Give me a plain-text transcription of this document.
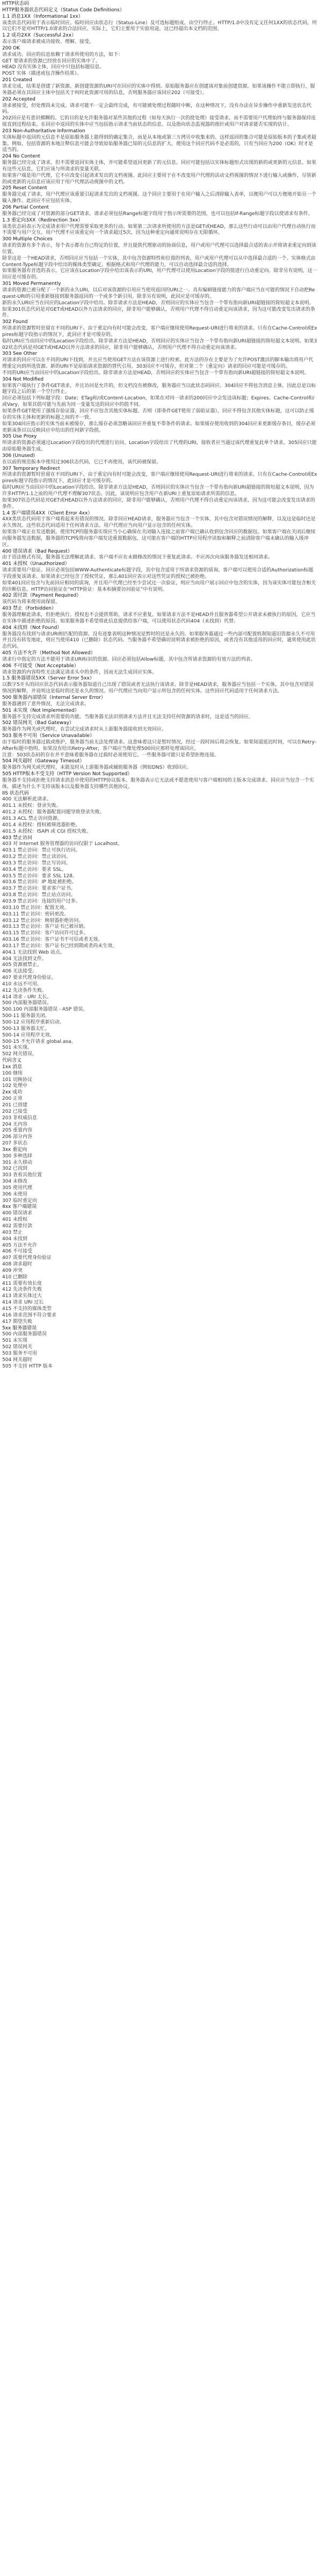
HTTP状态码
HTTP服务器状态代码定义（Status Code Definitions）
1.1 消息1XX（Informational 1xx）
该类状态代码用于表示临时回应。临时回应由状态行（Status-Line）及可选标题组成，由空行终止。HTTP/1.0中没有定义任何1XX的状态代码，所以它们不是对HTTP/1.0请求的合法回应。实际上，它们主要用于实验用途，这已经超出本文档的范围。
1.2 成功2XX（Successful 2xx）
表示客户端请求被成功接收、理解、接受。
200 OK
请求成功。回应的信息依赖于请求所使用的方法，如下：
GET 要请求的资源已经放在回应的实体中了。
HEAD 没有实体主体，回应中只包括标题信息。
POST 实体（描述或包含操作结果）。
201 Created
请求完成，结果是创建了新资源。新创建资源的URI可在回应的实体中得到。原始服务器应在创建该对象前创建资源。如果该操作不能立即执行，服务器必须在其回应主体中包括关于何时此资源可用的信息，否则服务器应该回应202（可接受）。
202 Accepted
请求被接受，但处理尚未完成。请求可能不一定会最终完成，有可能被处理过程随时中断，在这种情况下，没有办法在异步操作中重新发送状态代码。
202回应是有意识模糊的。它的目的是允许服务器对某些其他的过程（如每天执行一次的批处理）接受请求，而不需要用户代理始终与服务器保持连接直到过程结束。在回应中返回的实体中应当包括指示请求当前状态的信息、以及指向状态监视器的指针或用户对请求能否实现的估计。
203 Non-Authoritative Information
实体标题中返回的元信息不是原始服务器上能得到的确定集合，而是从本地或第三方拷贝中收集来的。这样返回的集合可能是原始版本的子集或者超集。例如，包括资源的本地注释信息可能会导致原始服务器已知的元信息的扩大。使用这个回应代码不是必需的，只有当回应为200（OK）时才是适当的。
204 No Content
服务器已经完成了请求，但不需要返回实体主体，并可能希望返回更新了的元信息。回应可能包括以实体标题形式出现的新的或更新的元信息。如果有这些元信息，它们应该与所请求的变量关联。
如果客户端是用户代理，它不应改变引起请求发出的文档视图。此回应主要用于在不改变用户代理的活动文档视图的情况下进行输入或操作，尽管新的或更新的元信息应该应用于用户代理活动视图中的文档。
205 Reset Content
服务器完成了请求，用户代理应该重置引起请求发出的文档视图。这个回应主要用于在用户输入之后清除输入表单，以便用户可以方便地开始另一个输入操作。此回应不应包括实体。
206 Partial Content
服务器已经完成了对资源的部分GET请求。请求必须包括Range标题字段用于指示所需要的范围，也可以包括If-Range标题字段以使请求有条件。
1.3 重定向3XX（Redirection 3xx）
该类状态码表示为完成请求用户代理需要采取更多的行动。如果第二次请求所使用的方法是GET或HEAD，那么这些行动可以由用户代理自动执行而不需要与用户交互。用户代理不应该重定向一个请求超过5次，因为这种重定向通常说明存在无限循环。
300 Multiple Choices
请求的资源有多个表示，每个表示都有自己特定的位置，并且提供代理驱动的协商信息，用户或用户代理可以选择最合适的表示并将请求重定向到该位置。
除非这是一个HEAD请求，否则回应应当包括一个实体，其中包含资源特性和位置的列表，用户或用户代理可以从中选择最合适的一个。实体格式由Content-Type标题字段中给出的媒体类型确定。根据格式和用户代理的能力，可以自动选择最合适的选择。
如果服务器有首选的表示，它应该在Location字段中给出该表示的URI，用户代理可以使用Location字段的值进行自动重定向。除非另有说明，这一回应是可缓存的。
301 Moved Permanently
请求的资源已被分配了一个新的永久URI，以后对该资源的引用应当使用返回的URI之一。具有编辑链接能力的客户端应当在可能的情况下自动把Request-URI的引用重新链接到服务器返回的一个或多个新引用。除非另有说明，此回应是可缓存的。
新的永久URI应当在回应的Location字段中给出。除非请求方法是HEAD，否则回应的实体应当包含一个带有指向新URI超链接的简短超文本说明。
如果301状态代码是对GET或HEAD以外方法请求的回应，除非用户能够确认，否则用户代理不得自动重定向该请求，因为这可能改变发出请求的条件。
302 Found
所请求的资源暂时驻留在不同的URI下。由于重定向有时可能会改变，客户端应继续使用Request-URI进行将来的请求。只有在Cache-Control或Expires标题字段指示的情况下，此回应才是可缓存的。
临时URI应当由回应中的Location字段给出。除非请求方法是HEAD，否则回应的实体应当包含一个带有指向新URI超链接的简短超文本说明。如果302状态代码是对GET或HEAD以外方法请求的回应，除非用户能够确认，否则用户代理不得自动重定向该请求。
303 See Other
对请求的回应可以在不同的URI下找到，并且应当使用GET方法在该资源上进行检索。此方法的存在主要是为了允许POST激活的脚本输出将用户代理重定向到所选资源。新的URI不是原始请求资源的替代引用。303回应不可缓存，但对第二个（重定向）请求的回应可能是可缓存的。
不同的URI应当由回应中的Location字段给出。除非请求方法是HEAD，否则回应的实体应当包含一个带有指向新URI超链接的简短超文本说明。
304 Not Modified
如果客户端执行了条件GET请求，并且访问是允许的，但文档没有被修改，服务器应当以此状态码回应。304回应不得包含消息主体，因此总是以标题字段之后的第一个空行终止。
回应必须包括下列标题字段：Date；ETag和/或Content-Location，如果在对同一请求的200回应中会发送该标题；Expires、Cache-Control和/或Vary，如果其值可能与先前为同一变量发送的回应中的值不同。
如果条件GET使用了强缓存验证器，回应不应包含其他实体标题。否则（即条件GET使用了弱验证器），回应不得包含其他实体标题，这可以防止缓存的实体主体和更新的标题之间的不一致。
如果304回应指示的实体当前未被缓存，那么缓存必须忽略该回应并重复不带条件的请求。如果缓存使用收到的304回应来更新缓存条目，缓存必须更新该条目以反映回应中给出的任何新字段值。
305 Use Proxy
所请求的资源必须通过Location字段给出的代理进行访问。Location字段给出了代理的URI，接收者应当通过该代理重复此单个请求。305回应只能由原始服务器生成。
306 (Unused)
在以前的规范版本中使用过306状态代码，它已不再使用，该代码被保留。
307 Temporary Redirect
所请求的资源暂时驻留在不同的URI下。由于重定向有时可能会改变，客户端应继续使用Request-URI进行将来的请求。只有在Cache-Control或Expires标题字段指示的情况下，此回应才是可缓存的。
临时URI应当由回应中的Location字段给出。除非请求方法是HEAD，否则回应的实体应当包含一个带有指向新URI超链接的简短超文本说明，因为许多HTTP/1.1之前的用户代理不理解307状态。因此，该说明应包含用户在新URI上重复原始请求所需的信息。
如果307状态代码是对GET或HEAD以外方法请求的回应，除非用户能够确认，否则用户代理不得自动重定向该请求，因为这可能会改变发出请求的条件。
1.4 客户端错误4XX（Client Error 4xx）
4XX类状态代码用于客户端看起来有错误的情况。除非回应HEAD请求，服务器应当包含一个实体，其中包含对错误情况的解释，以及这是临时还是永久情况。这些状态代码适用于任何请求方法。用户代理应当向用户显示包含的任何实体。
如果客户端正在发送数据，使用TCP的服务器实现应当小心确保在关闭输入连接之前客户端已确认收到包含回应的数据包。如果客户端在关闭后继续向服务器发送数据，服务器的TCP栈将向客户端发送重置数据包，这可能在客户端的HTTP应用程序读取和解释之前清除客户端未确认的输入缓冲区。
400 错误请求（Bad Request）
由于语法格式有误，服务器无法理解此请求。客户端不应在未做修改的情况下重复此请求。不应再次向该服务器发送相同请求。
401 未授权（Unauthorized）
请求需要用户验证。回应必须包括WWW-Authenticate标题字段，其中包含适用于所请求资源的质询。客户端可以使用合适的Authorization标题字段重复该请求。如果请求已经包含了授权凭证，那么401回应表示对这些凭证的授权已被拒绝。
如果401回应包含与先前回应相同的质询，并且用户代理已经至少尝试过一次验证，则应当向用户展示回应中包含的实体，因为该实体可能包含相关的诊断信息。HTTP访问验证在“HTTP验证：基本和摘要访问验证”中有说明。
402 需付款（Payment Required）
该代码为将来使用而保留。
403 禁止（Forbidden）
服务器理解此请求，但拒绝执行。授权也不会提供帮助，请求不应重复。如果请求方法不是HEAD并且服务器希望公开请求未被执行的原因，它应当在实体中描述拒绝的原因。如果服务器不希望将此信息提供给客户端，可以使用状态代码404（未找到）代替。
404 未找到（Not Found）
服务器没有找到与请求URI相匹配的资源。没有迹象表明这种情况是暂时的还是永久的。如果服务器通过一些内部可配置机制知道旧资源永久不可用并且没有转发地址，则应当使用410（已删除）状态代码。当服务器不希望确切说明请求被拒绝的原因，或者没有其他适用的回应时，通常使用此状态代码。
405 方法不允许（Method Not Allowed）
请求行中指定的方法不能用于请求URI标识的资源。回应必须包括Allow标题，其中包含所请求资源的有效方法的列表。
406 不可接受（Not Acceptable）
请求资源的内容特性无法满足请求头中的条件，因而无法生成回应实体。
1.5 服务器错误5XX（Server Error 5xx）
以数字5开头的回应状态代码表示服务器知道自己出现了错误或者无法执行该请求。除非是HEAD请求，服务器应当包括一个实体，其中包含对错误情况的解释，并说明这是临时的还是永久的情况。用户代理应当向用户显示所包含的任何实体。这些回应代码适用于任何请求方法。
500 服务器内部错误（Internal Server Error）
服务器遇到了意外情况，无法完成请求。
501 未实现（Not Implemented）
服务器不支持完成请求所需要的功能。当服务器无法识别请求方法并且无法支持任何资源的请求时，这是适当的回应。
502 错误网关（Bad Gateway）
服务器作为网关或代理时，在尝试完成请求时从上游服务器接收到无效回应。
503 服务不可用（Service Unavailable）
由于临时的服务器过载或维护，服务器当前无法处理请求。这意味着这只是暂时情况，经过一段时间后将会恢复。如果知道延迟时间，可以在Retry-After标题中指明。如果没有给出Retry-After，客户端应当像处理500回应那样处理该回应。
注意：503状态码的存在并不意味着服务器在过载时必须使用它。一些服务器可能只是希望拒绝连接。
504 网关超时（Gateway Timeout）
服务器作为网关或代理时，未能及时从上游服务器或辅助服务器（例如DNS）收到回应。
505 HTTP版本不受支持（HTTP Version Not Supported）
服务器不支持或拒绝支持请求消息中使用的HTTP协议版本。服务器表示它无法或不愿意使用与客户端相同的主版本完成请求。回应应当包含一个实体，描述为什么不支持该版本以及服务器支持哪些其他协议。
IIS 状态代码
400 无法解析此请求。
401.1 未授权：登录失败。
401.2 未授权：服务器配置问题导致登录失败。
401.3 ACL 禁止访问资源。
401.4 未授权：授权被筛选器拒绝。
401.5 未授权：ISAPI 或 CGI 授权失败。
403 禁止访问
403 对 Internet 服务管理器的访问仅限于 Localhost。
403.1 禁止访问：禁止可执行访问。
403.2 禁止访问：禁止读访问。
403.3 禁止访问：禁止写访问。
403.4 禁止访问：要求 SSL。
403.5 禁止访问：要求 SSL 128。
403.6 禁止访问：IP 地址被拒绝。
403.7 禁止访问：要求客户证书。
403.8 禁止访问：禁止站点访问。
403.9 禁止访问：连接的用户过多。
403.10 禁止访问：配置无效。
403.11 禁止访问：密码更改。
403.12 禁止访问：映射器拒绝访问。
403.13 禁止访问：客户证书已被吊销。
403.15 禁止访问：客户访问许可过多。
403.16 禁止访问：客户证书不可信或者无效。
403.17 禁止访问：客户证书已经到期或者尚未生效。
404.1 无法找到 Web 站点。
404 无法找到文件。
405 资源被禁止。
406 无法接受。
407 要求代理身份验证。
410 永远不可用。
412 先决条件失败。
414 请求 - URI 太长。
500 内部服务器错误。
500.100 内部服务器错误 - ASP 错误。
500-11 服务器关闭。
500-12 应用程序重新启动。
500-13 服务器太忙。
500-14 应用程序无效。
500-15 不允许请求 global.asa。
501 未实现。
502 网关错误。
代码含义
1xx 消息
100 继续
101 切换协议
102 处理中
2xx 成功
200 正常
201 已创建
202 已接受
203 非权威信息
204 无内容
205 重置内容
206 部分内容
207 多状态
3xx 重定向
300 多种选择
301 永久移动
302 已找到
303 查看其他位置
304 未修改
305 使用代理
306 未使用
307 临时重定向
4xx 客户端错误
400 错误请求
401 未授权
402 需要付款
403 禁止
404 未找到
405 方法不允许
406 不可接受
407 需要代理身份验证
408 请求超时
409 冲突
410 已删除
411 需要有效长度
412 先决条件失败
413 请求实体过大
414 请求 URI 过长
415 不支持的媒体类型
416 请求范围不符合要求
417 期望失败
5xx 服务器错误
500 内部服务器错误
501 未实现
502 错误网关
503 服务不可用
504 网关超时
505 不支持 HTTP 版本
